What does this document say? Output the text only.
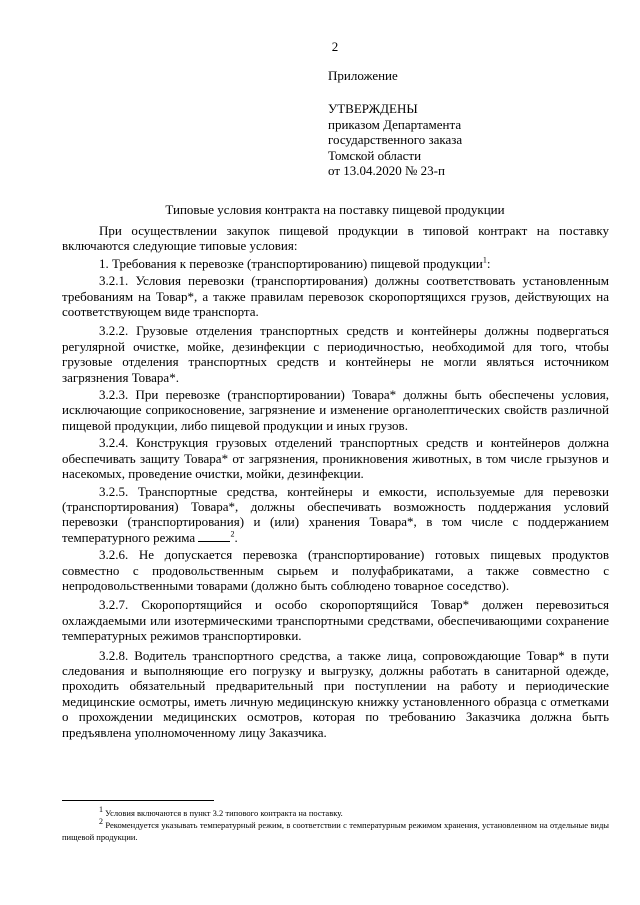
2
Приложение
УТВЕРЖДЕНЫ
приказом Департамента
государственного заказа
Томской области
от 13.04.2020 № 23-п
Типовые условия контракта на поставку пищевой продукции

При осуществлении закупок пищевой продукции в типовой контракт на поставку включаются следующие типовые условия:

1. Требования к перевозке (транспортированию) пищевой продукции$^1$:

3.2.1. Условия перевозки (транспортирования) должны соответствовать установленным требованиям на Товар*, а также правилам перевозок скоропортящихся грузов, действующих на соответствующем виде транспорта.

3.2.2. Грузовые отделения транспортных средств и контейнеры должны подвергаться регулярной очистке, мойке, дезинфекции с периодичностью, необходимой для того, чтобы грузовые отделения транспортных средств и контейнеры не могли являться источником загрязнения Товара*.

3.2.3. При перевозке (транспортировании) Товара* должны быть обеспечены условия, исключающие соприкосновение, загрязнение и изменение органолептических свойств различной пищевой продукции, либо пищевой продукции и иных грузов.

3.2.4. Конструкция грузовых отделений транспортных средств и контейнеров должна обеспечивать защиту Товара* от загрязнения, проникновения животных, в том числе грызунов и насекомых, проведение очистки, мойки, дезинфекции.

3.2.5. Транспортные средства, контейнеры и емкости, используемые для перевозки (транспортирования) Товара*, должны обеспечивать возможность поддержания условий перевозки (транспортирования) и (или) хранения Товара*, в том числе с поддержанием температурного режима	$^2$.

3.2.6. Не допускается перевозка (транспортирование) готовых пищевых продуктов совместно с продовольственным сырьем и полуфабрикатами, а также совместно с непродовольственными товарами (должно быть соблюдено товарное соседство).

3.2.7. Скоропортящийся и особо скоропортящийся Товар* должен перевозиться охлаждаемыми или изотермическими транспортными средствами, обеспечивающими сохранение температурных режимов транспортировки.

3.2.8. Водитель транспортного средства, а также лица, сопровождающие Товар* в пути следования и выполняющие его погрузку и выгрузку, должны работать в санитарной одежде, проходить обязательный предварительный при поступлении на работу и периодические медицинские осмотры, иметь личную медицинскую книжку установленного образца с отметками о прохождении медицинских осмотров, которая по требованию Заказчика должна быть предъявлена уполномоченному лицу Заказчика.

$^1$ Условия включаются в пункт 3.2 типового контракта на поставку.

$^2$ Рекомендуется указывать температурный режим, в соответствии с температурным режимом хранения, установленном на отдельные виды пищевой продукции.
